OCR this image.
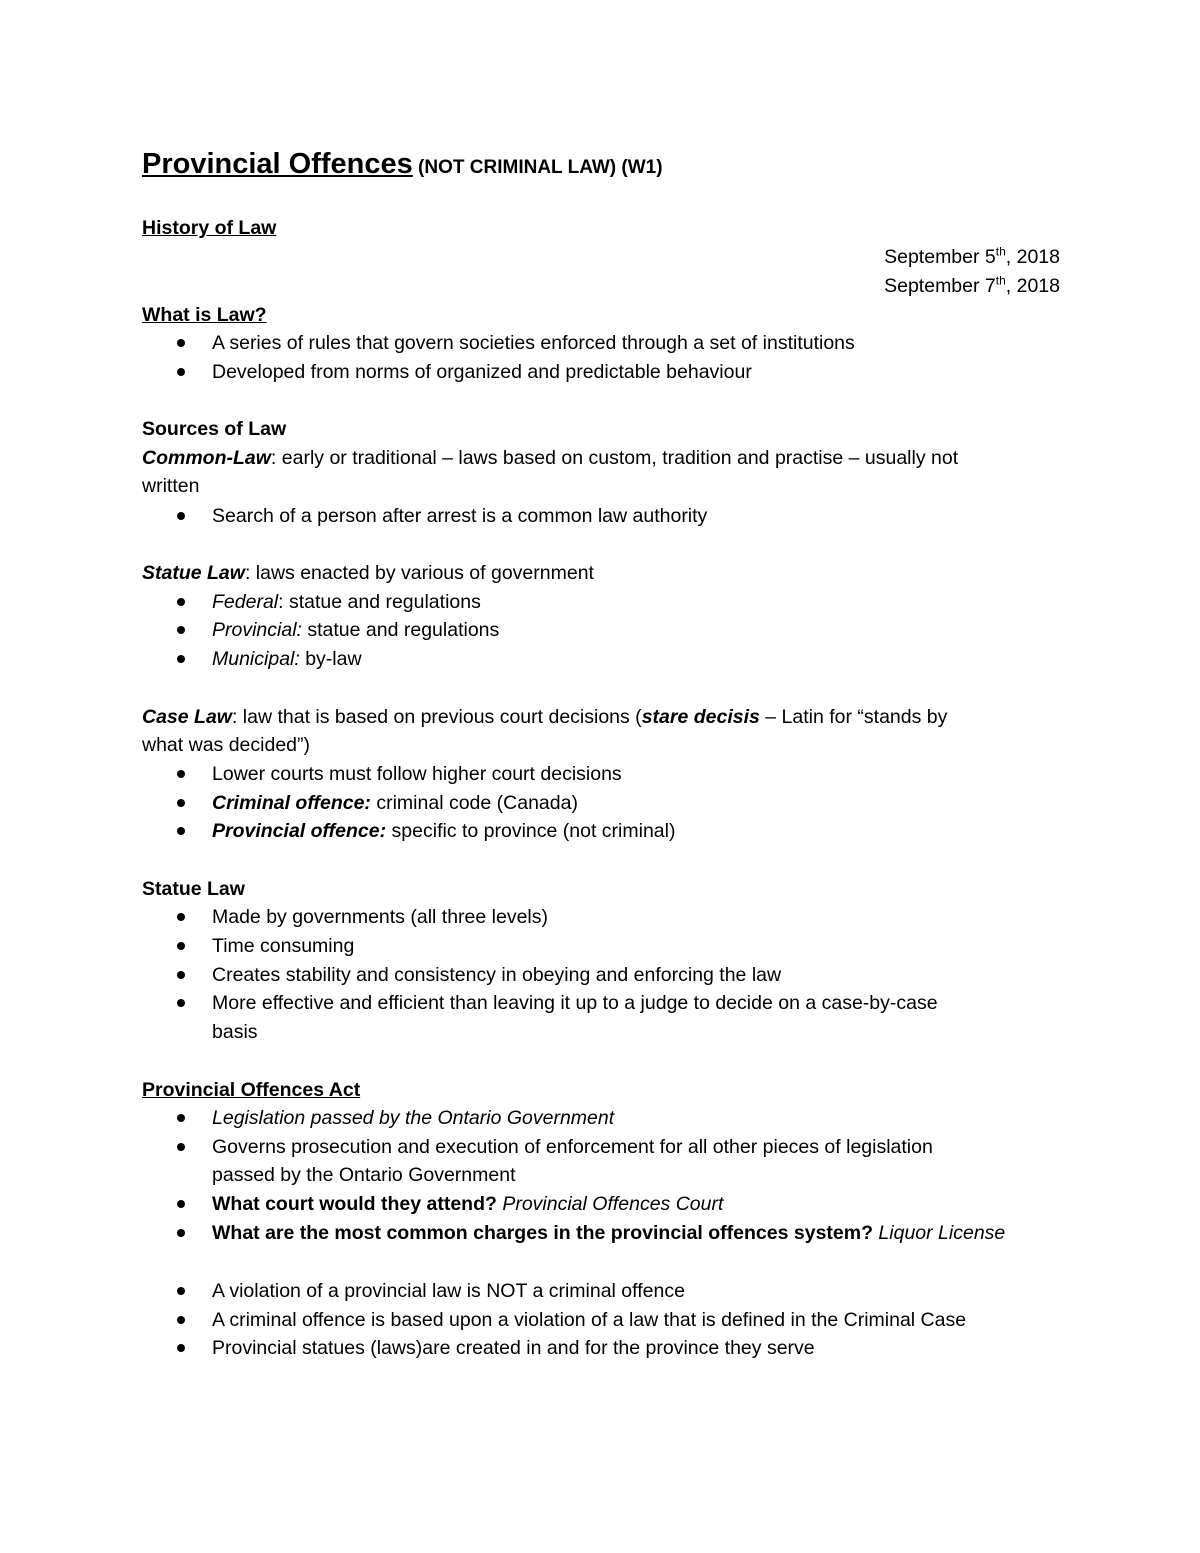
Provincial Offences (NOT CRIMINAL LAW) (W1)
History of Law
September 5th, 2018
September 7th, 2018
What is Law?
A series of rules that govern societies enforced through a set of institutions
Developed from norms of organized and predictable behaviour
Sources of Law
Common-Law: early or traditional – laws based on custom, tradition and practise – usually not
written
Search of a person after arrest is a common law authority
Statue Law: laws enacted by various of government
Federal: statue and regulations
Provincial: statue and regulations
Municipal: by-law
Case Law: law that is based on previous court decisions (stare decisis – Latin for “stands by
what was decided”)
Lower courts must follow higher court decisions
Criminal offence: criminal code (Canada)
Provincial offence: specific to province (not criminal)
Statue Law
Made by governments (all three levels)
Time consuming
Creates stability and consistency in obeying and enforcing the law
More effective and efficient than leaving it up to a judge to decide on a case-by-case
basis
Provincial Offences Act
Legislation passed by the Ontario Government
Governs prosecution and execution of enforcement for all other pieces of legislation
passed by the Ontario Government
What court would they attend? Provincial Offences Court
What are the most common charges in the provincial offences system? Liquor License
A violation of a provincial law is NOT a criminal offence
A criminal offence is based upon a violation of a law that is defined in the Criminal Case
Provincial statues (laws)are created in and for the province they serve
